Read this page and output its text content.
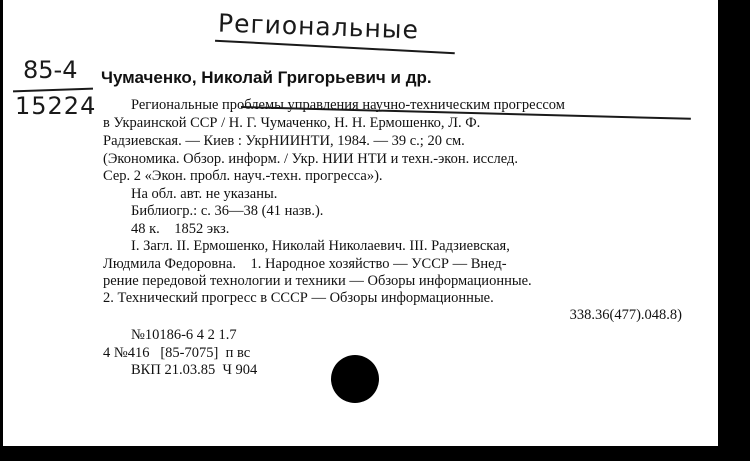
Регионaльныe
85-4
15224
Чумаченко, Николай Григорьевич и др.
Региональные проблемы управления научно-техническим прогрессом
в Украинской ССР / Н. Г. Чумаченко, Н. Н. Ермошенко, Л. Ф.
Радзиевская. — Киев : УкрНИИНТИ, 1984. — 39 с.; 20 см.
(Экономика. Обзор. информ. / Укр. НИИ НТИ и техн.-экон. исслед.
Сер. 2 «Экон. пробл. науч.-техн. прогресса»).
На обл. авт. не указаны.
Библиогр.: с. 36—38 (41 назв.).
48 к.    1852 экз.
I. Загл. II. Ермошенко, Николай Николаевич. III. Радзиевская,
Людмила Федоровна.    1. Народное хозяйство — УССР — Внед-
рение передовой технологии и техники — Обзоры информационные.
2. Технический прогресс в СССР — Обзоры информационные.
338.36(477).048.8)
№10186-6 4 2 1.7
4 №416   [85-7075]  п вс
ВКП 21.03.85  Ч 904
